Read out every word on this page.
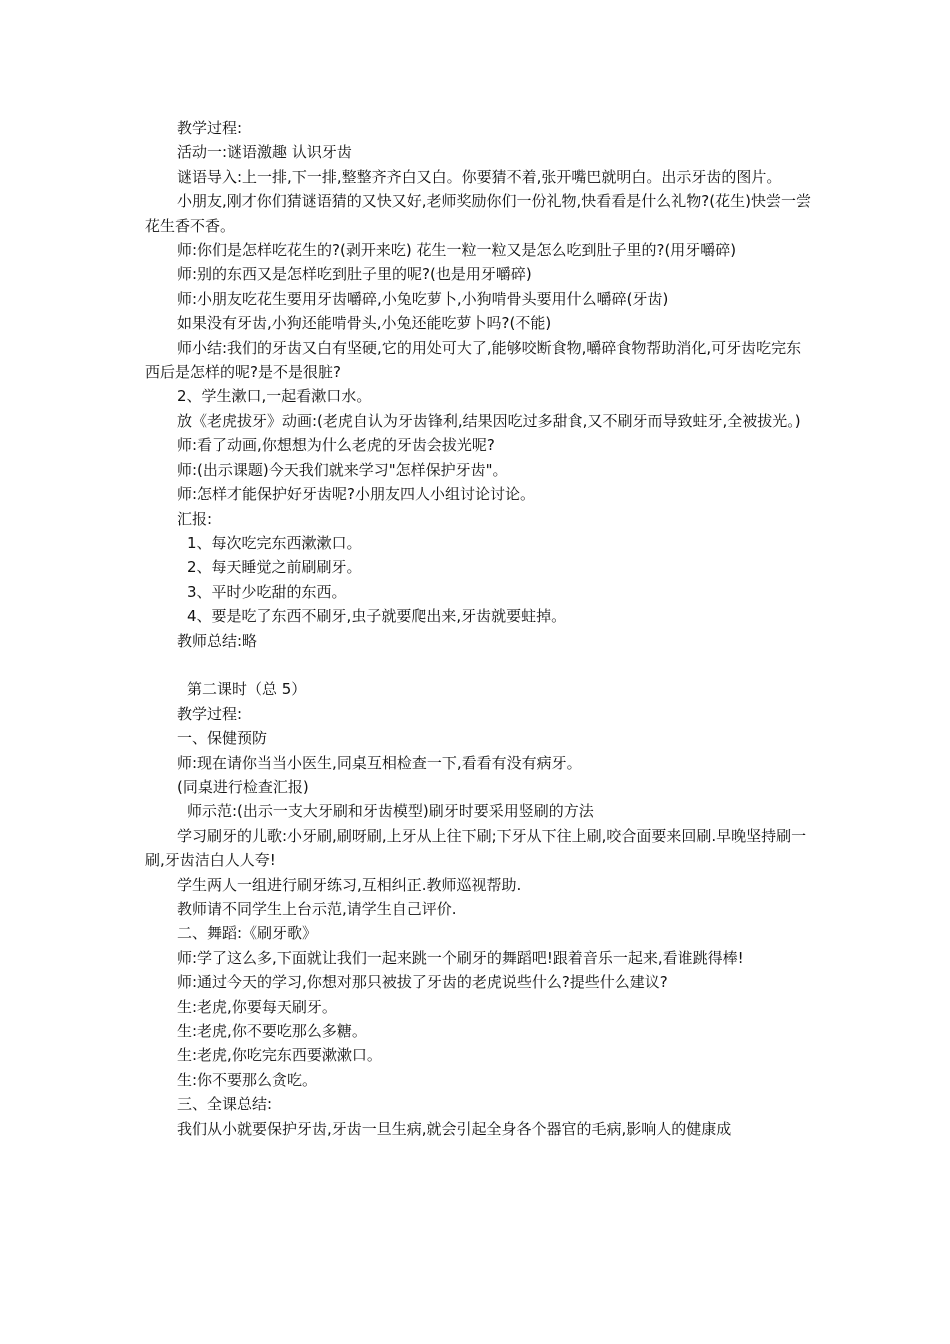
教学过程:

活动一:谜语激趣 认识牙齿

谜语导入:上一排,下一排,整整齐齐白又白。你要猜不着,张开嘴巴就明白。出示牙齿的图片。

小朋友,刚才你们猜谜语猜的又快又好,老师奖励你们一份礼物,快看看是什么礼物?(花生)快尝一尝花生香不香。

师:你们是怎样吃花生的?(剥开来吃) 花生一粒一粒又是怎么吃到肚子里的?(用牙嚼碎)

师:别的东西又是怎样吃到肚子里的呢?(也是用牙嚼碎)

师:小朋友吃花生要用牙齿嚼碎,小兔吃萝卜,小狗啃骨头要用什么嚼碎(牙齿)

如果没有牙齿,小狗还能啃骨头,小兔还能吃萝卜吗?(不能)

师小结:我们的牙齿又白有坚硬,它的用处可大了,能够咬断食物,嚼碎食物帮助消化,可牙齿吃完东西后是怎样的呢?是不是很脏?

2、学生漱口,一起看漱口水。

放《老虎拔牙》动画:(老虎自认为牙齿锋利,结果因吃过多甜食,又不刷牙而导致蛀牙,全被拔光。)

师:看了动画,你想想为什么老虎的牙齿会拔光呢?

师:(出示课题)今天我们就来学习"怎样保护牙齿"。

师:怎样才能保护好牙齿呢?小朋友四人小组讨论讨论。

汇报:

1、每次吃完东西漱漱口。

2、每天睡觉之前刷刷牙。

3、平时少吃甜的东西。

4、要是吃了东西不刷牙,虫子就要爬出来,牙齿就要蛀掉。

教师总结:略

第二课时（总 5）

教学过程:

一、保健预防

师:现在请你当当小医生,同桌互相检查一下,看看有没有病牙。

(同桌进行检查汇报)

师示范:(出示一支大牙刷和牙齿模型)刷牙时要采用竖刷的方法

学习刷牙的儿歌:小牙刷,刷呀刷,上牙从上往下刷;下牙从下往上刷,咬合面要来回刷.早晚坚持刷一刷,牙齿洁白人人夸!

学生两人一组进行刷牙练习,互相纠正.教师巡视帮助.

教师请不同学生上台示范,请学生自己评价.

二、舞蹈:《刷牙歌》

师:学了这么多,下面就让我们一起来跳一个刷牙的舞蹈吧!跟着音乐一起来,看谁跳得棒!

师:通过今天的学习,你想对那只被拔了牙齿的老虎说些什么?提些什么建议?

生:老虎,你要每天刷牙。

生:老虎,你不要吃那么多糖。

生:老虎,你吃完东西要漱漱口。

生:你不要那么贪吃。

三、全课总结:

我们从小就要保护牙齿,牙齿一旦生病,就会引起全身各个器官的毛病,影响人的健康成
